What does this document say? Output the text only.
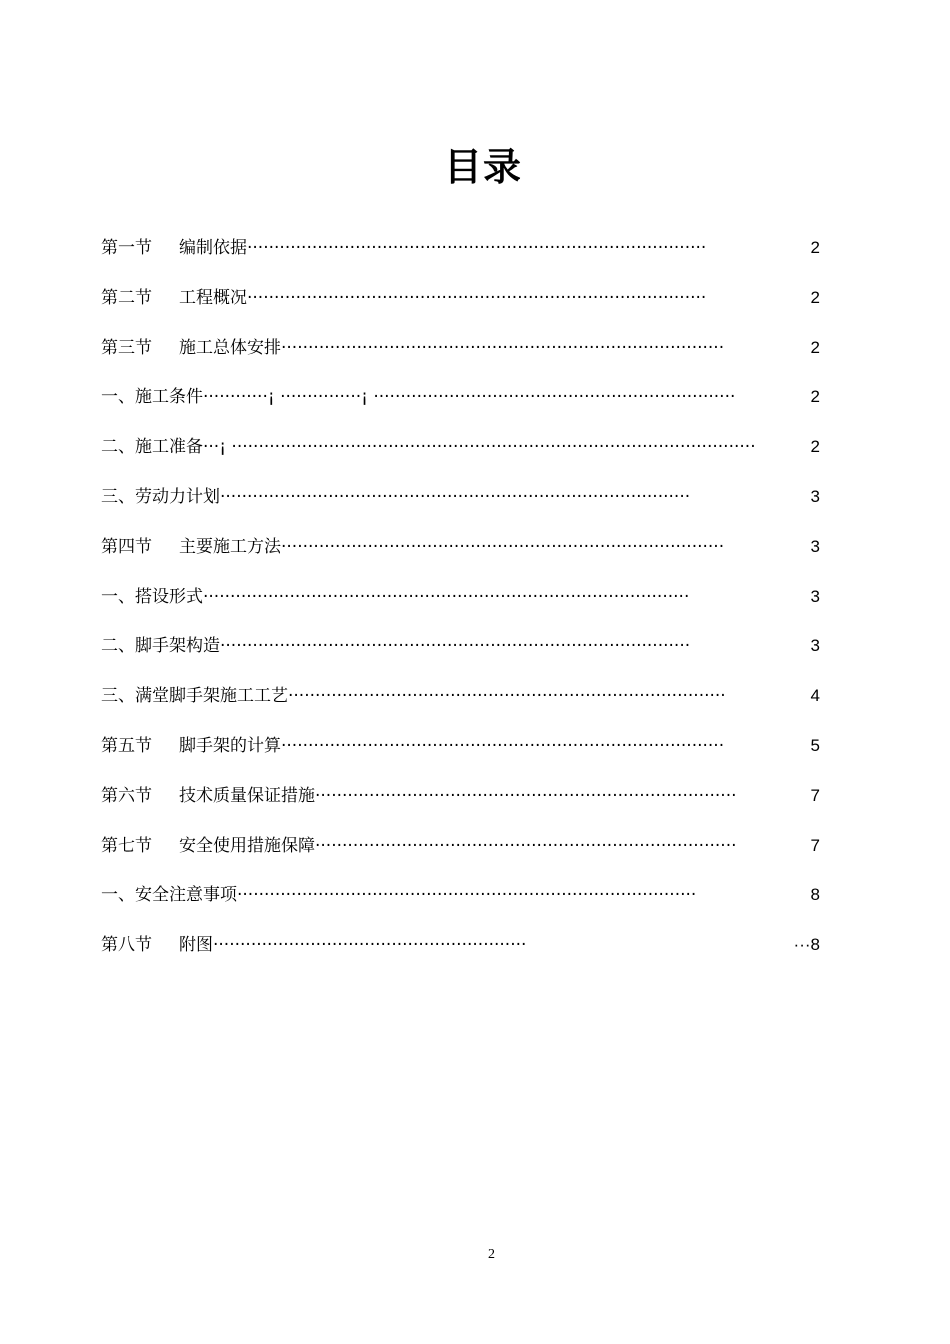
目录
第一节 编制依据·····················································································	2
第二节 工程概况·····················································································	2
第三节 施工总体安排··················································································	2
一、施工条件············¡ ···············¡ ···································································	2
二、施工准备···¡ ·································································································	2
三、劳动力计划·······················································································	3
第四节 主要施工方法··················································································	3
一、搭设形式··························································································	3
二、脚手架构造·······················································································	3
三、满堂脚手架施工工艺·················································································	4
第五节 脚手架的计算··················································································	5
第六节 技术质量保证措施··············································································	7
第七节 安全使用措施保障··············································································	7
一、安全注意事项·····················································································	8
第八节 附图··························································	···8
2
